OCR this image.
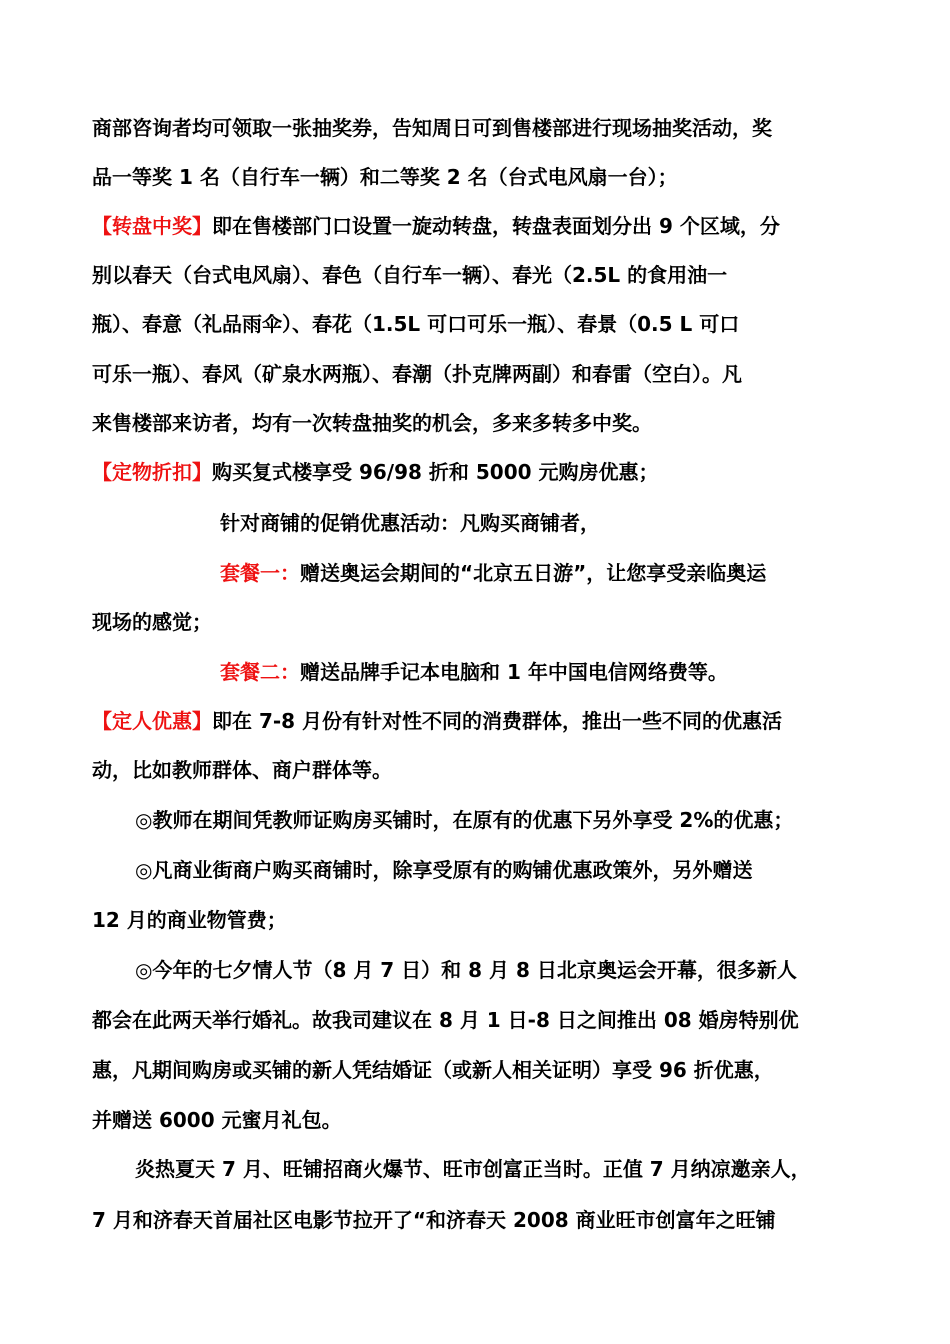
商部咨询者均可领取一张抽奖券，告知周日可到售楼部进行现场抽奖活动，奖
品一等奖 1 名（自行车一辆）和二等奖 2 名（台式电风扇一台）；
【转盘中奖】即在售楼部门口设置一旋动转盘，转盘表面划分出 9 个区域，分
别以春天（台式电风扇）、春色（自行车一辆）、春光（2.5L 的食用油一
瓶）、春意（礼品雨伞）、春花（1.5L 可口可乐一瓶）、春景（0.5 L 可口
可乐一瓶）、春风（矿泉水两瓶）、春潮（扑克牌两副）和春雷（空白）。凡
来售楼部来访者，均有一次转盘抽奖的机会，多来多转多中奖。
【定物折扣】购买复式楼享受 96/98 折和 5000 元购房优惠；
针对商铺的促销优惠活动：凡购买商铺者，
套餐一：赠送奥运会期间的“北京五日游”，让您享受亲临奥运
现场的感觉；
套餐二：赠送品牌手记本电脑和 1 年中国电信网络费等。
【定人优惠】即在 7-8 月份有针对性不同的消费群体，推出一些不同的优惠活
动，比如教师群体、商户群体等。
◎教师在期间凭教师证购房买铺时，在原有的优惠下另外享受 2%的优惠；
◎凡商业街商户购买商铺时，除享受原有的购铺优惠政策外，另外赠送
12 月的商业物管费；
◎今年的七夕情人节（8 月 7 日）和 8 月 8 日北京奥运会开幕，很多新人
都会在此两天举行婚礼。故我司建议在 8 月 1 日-8 日之间推出 08 婚房特别优
惠，凡期间购房或买铺的新人凭结婚证（或新人相关证明）享受 96 折优惠，
并赠送 6000 元蜜月礼包。
炎热夏天 7 月、旺铺招商火爆节、旺市创富正当时。正值 7 月纳凉邀亲人，
7 月和济春天首届社区电影节拉开了“和济春天 2008 商业旺市创富年之旺铺
